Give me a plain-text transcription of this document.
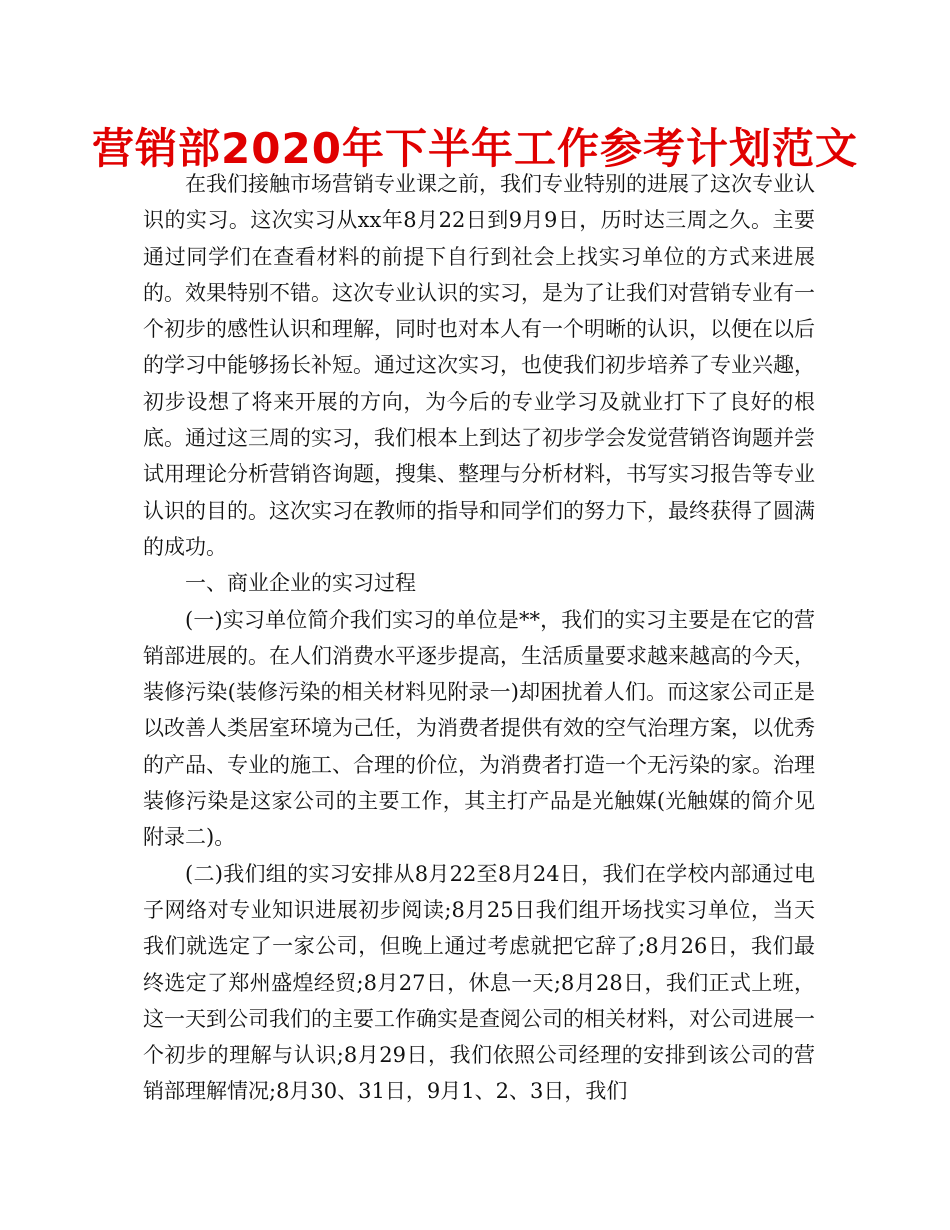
营销部2020年下半年工作参考计划范文

在我们接触市场营销专业课之前，我们专业特别的进展了这次专业认识的实习。这次实习从xx年8月22日到9月9日，历时达三周之久。主要通过同学们在查看材料的前提下自行到社会上找实习单位的方式来进展的。效果特别不错。这次专业认识的实习，是为了让我们对营销专业有一个初步的感性认识和理解，同时也对本人有一个明晰的认识，以便在以后的学习中能够扬长补短。通过这次实习，也使我们初步培养了专业兴趣，初步设想了将来开展的方向，为今后的专业学习及就业打下了良好的根底。通过这三周的实习，我们根本上到达了初步学会发觉营销咨询题并尝试用理论分析营销咨询题，搜集、整理与分析材料，书写实习报告等专业认识的目的。这次实习在教师的指导和同学们的努力下，最终获得了圆满的成功。

一、商业企业的实习过程

(一)实习单位简介我们实习的单位是**，我们的实习主要是在它的营销部进展的。在人们消费水平逐步提高，生活质量要求越来越高的今天，装修污染(装修污染的相关材料见附录一)却困扰着人们。而这家公司正是以改善人类居室环境为己任，为消费者提供有效的空气治理方案，以优秀的产品、专业的施工、合理的价位，为消费者打造一个无污染的家。治理装修污染是这家公司的主要工作，其主打产品是光触媒(光触媒的简介见附录二)。

(二)我们组的实习安排从8月22至8月24日，我们在学校内部通过电子网络对专业知识进展初步阅读;8月25日我们组开场找实习单位，当天我们就选定了一家公司，但晚上通过考虑就把它辞了;8月26日，我们最终选定了郑州盛煌经贸;8月27日，休息一天;8月28日，我们正式上班，这一天到公司我们的主要工作确实是查阅公司的相关材料，对公司进展一个初步的理解与认识;8月29日，我们依照公司经理的安排到该公司的营销部理解情况;8月30、31日，9月1、2、3日，我们
